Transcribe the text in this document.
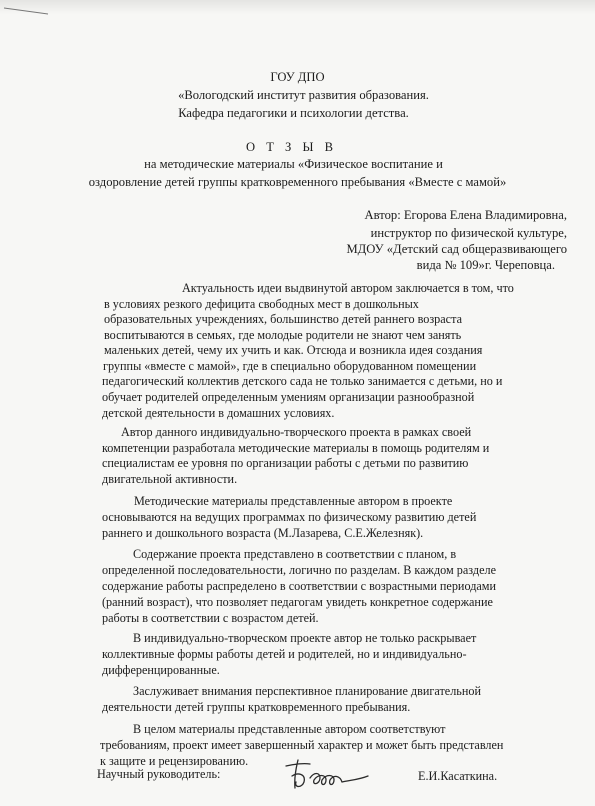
ГОУ ДПО
«Вологодский институт развития образования.
Кафедра педагогики и психологии детства.
О Т З Ы В
на методические материалы «Физическое воспитание и
оздоровление детей группы кратковременного пребывания «Вместе с мамой»
Автор: Егорова Елена Владимировна,
инструктор по физической культуре,
МДОУ «Детский сад общеразвивающего
вида № 109»г. Череповца.
Актуальность идеи выдвинутой автором заключается в том, что
в условиях резкого дефицита свободных мест в дошкольных
образовательных учреждениях, большинство детей раннего возраста
воспитываются в семьях, где молодые родители не знают чем занять
маленьких детей, чему их учить и как. Отсюда и возникла идея создания
группы «вместе с мамой», где в специально оборудованном помещении
педагогический коллектив детского сада не только занимается с детьми, но и
обучает родителей определенным умениям организации разнообразной
детской деятельности в домашних условиях.
Автор данного индивидуально-творческого проекта в рамках своей
компетенции разработала методические материалы в помощь родителям и
специалистам ее уровня по организации работы с детьми по развитию
двигательной активности.
Методические материалы представленные автором в проекте
основываются на ведущих программах по физическому развитию детей
раннего и дошкольного возраста (М.Лазарева, С.Е.Железняк).
Содержание проекта представлено в соответствии с планом, в
определенной последовательности, логично по разделам. В каждом разделе
содержание работы распределено в соответствии с возрастными периодами
(ранний возраст), что позволяет педагогам увидеть конкретное содержание
работы в соответствии с возрастом детей.
В индивидуально-творческом проекте автор не только раскрывает
коллективные формы работы детей и родителей, но и индивидуально-
дифференцированные.
Заслуживает внимания перспективное планирование двигательной
деятельности детей группы кратковременного пребывания.
В целом материалы представленные автором соответствуют
требованиям, проект имеет завершенный характер и может быть представлен
к защите и рецензированию.
Научный руководитель:	Е.И.Касаткина.
